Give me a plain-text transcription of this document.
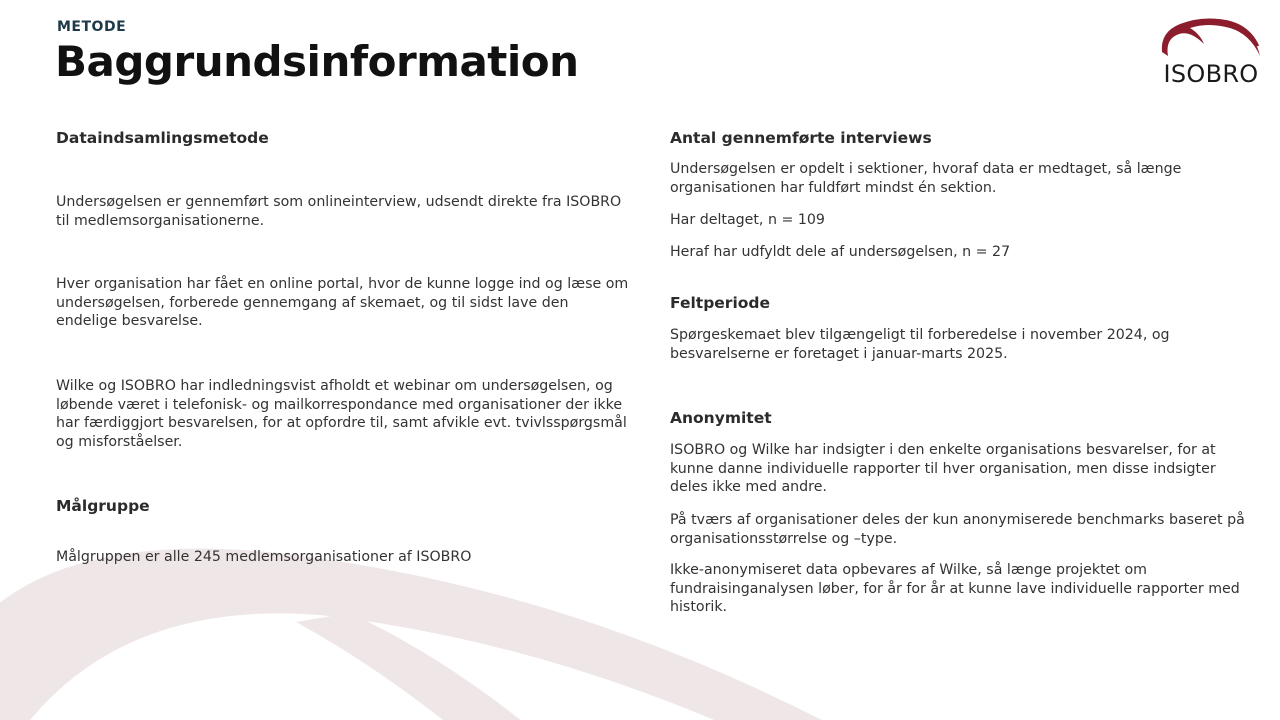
METODE
Baggrundsinformation	ISOBRO
Dataindsamlingsmetode

Undersøgelsen er gennemført som onlineinterview, udsendt direkte fra ISOBRO til medlemsorganisationerne.

Hver organisation har fået en online portal, hvor de kunne logge ind og læse om undersøgelsen, forberede gennemgang af skemaet, og til sidst lave den endelige besvarelse.

Wilke og ISOBRO har indledningsvist afholdt et webinar om undersøgelsen, og løbende været i telefonisk- og mailkorrespondance med organisationer der ikke har færdiggjort besvarelsen, for at opfordre til, samt afvikle evt. tvivlsspørgsmål og misforståelser.

Målgruppe

Målgruppen er alle 245 medlemsorganisationer af ISOBRO

Antal gennemførte interviews

Undersøgelsen er opdelt i sektioner, hvoraf data er medtaget, så længe organisationen har fuldført mindst én sektion.

Har deltaget, n = 109

Heraf har udfyldt dele af undersøgelsen, n = 27

Feltperiode

Spørgeskemaet blev tilgængeligt til forberedelse i november 2024, og besvarelserne er foretaget i januar-marts 2025.

Anonymitet

ISOBRO og Wilke har indsigter i den enkelte organisations besvarelser, for at kunne danne individuelle rapporter til hver organisation, men disse indsigter deles ikke med andre.

På tværs af organisationer deles der kun anonymiserede benchmarks baseret på organisationsstørrelse og –type.

Ikke-anonymiseret data opbevares af Wilke, så længe projektet om fundraisinganalysen løber, for år for år at kunne lave individuelle rapporter med historik.
